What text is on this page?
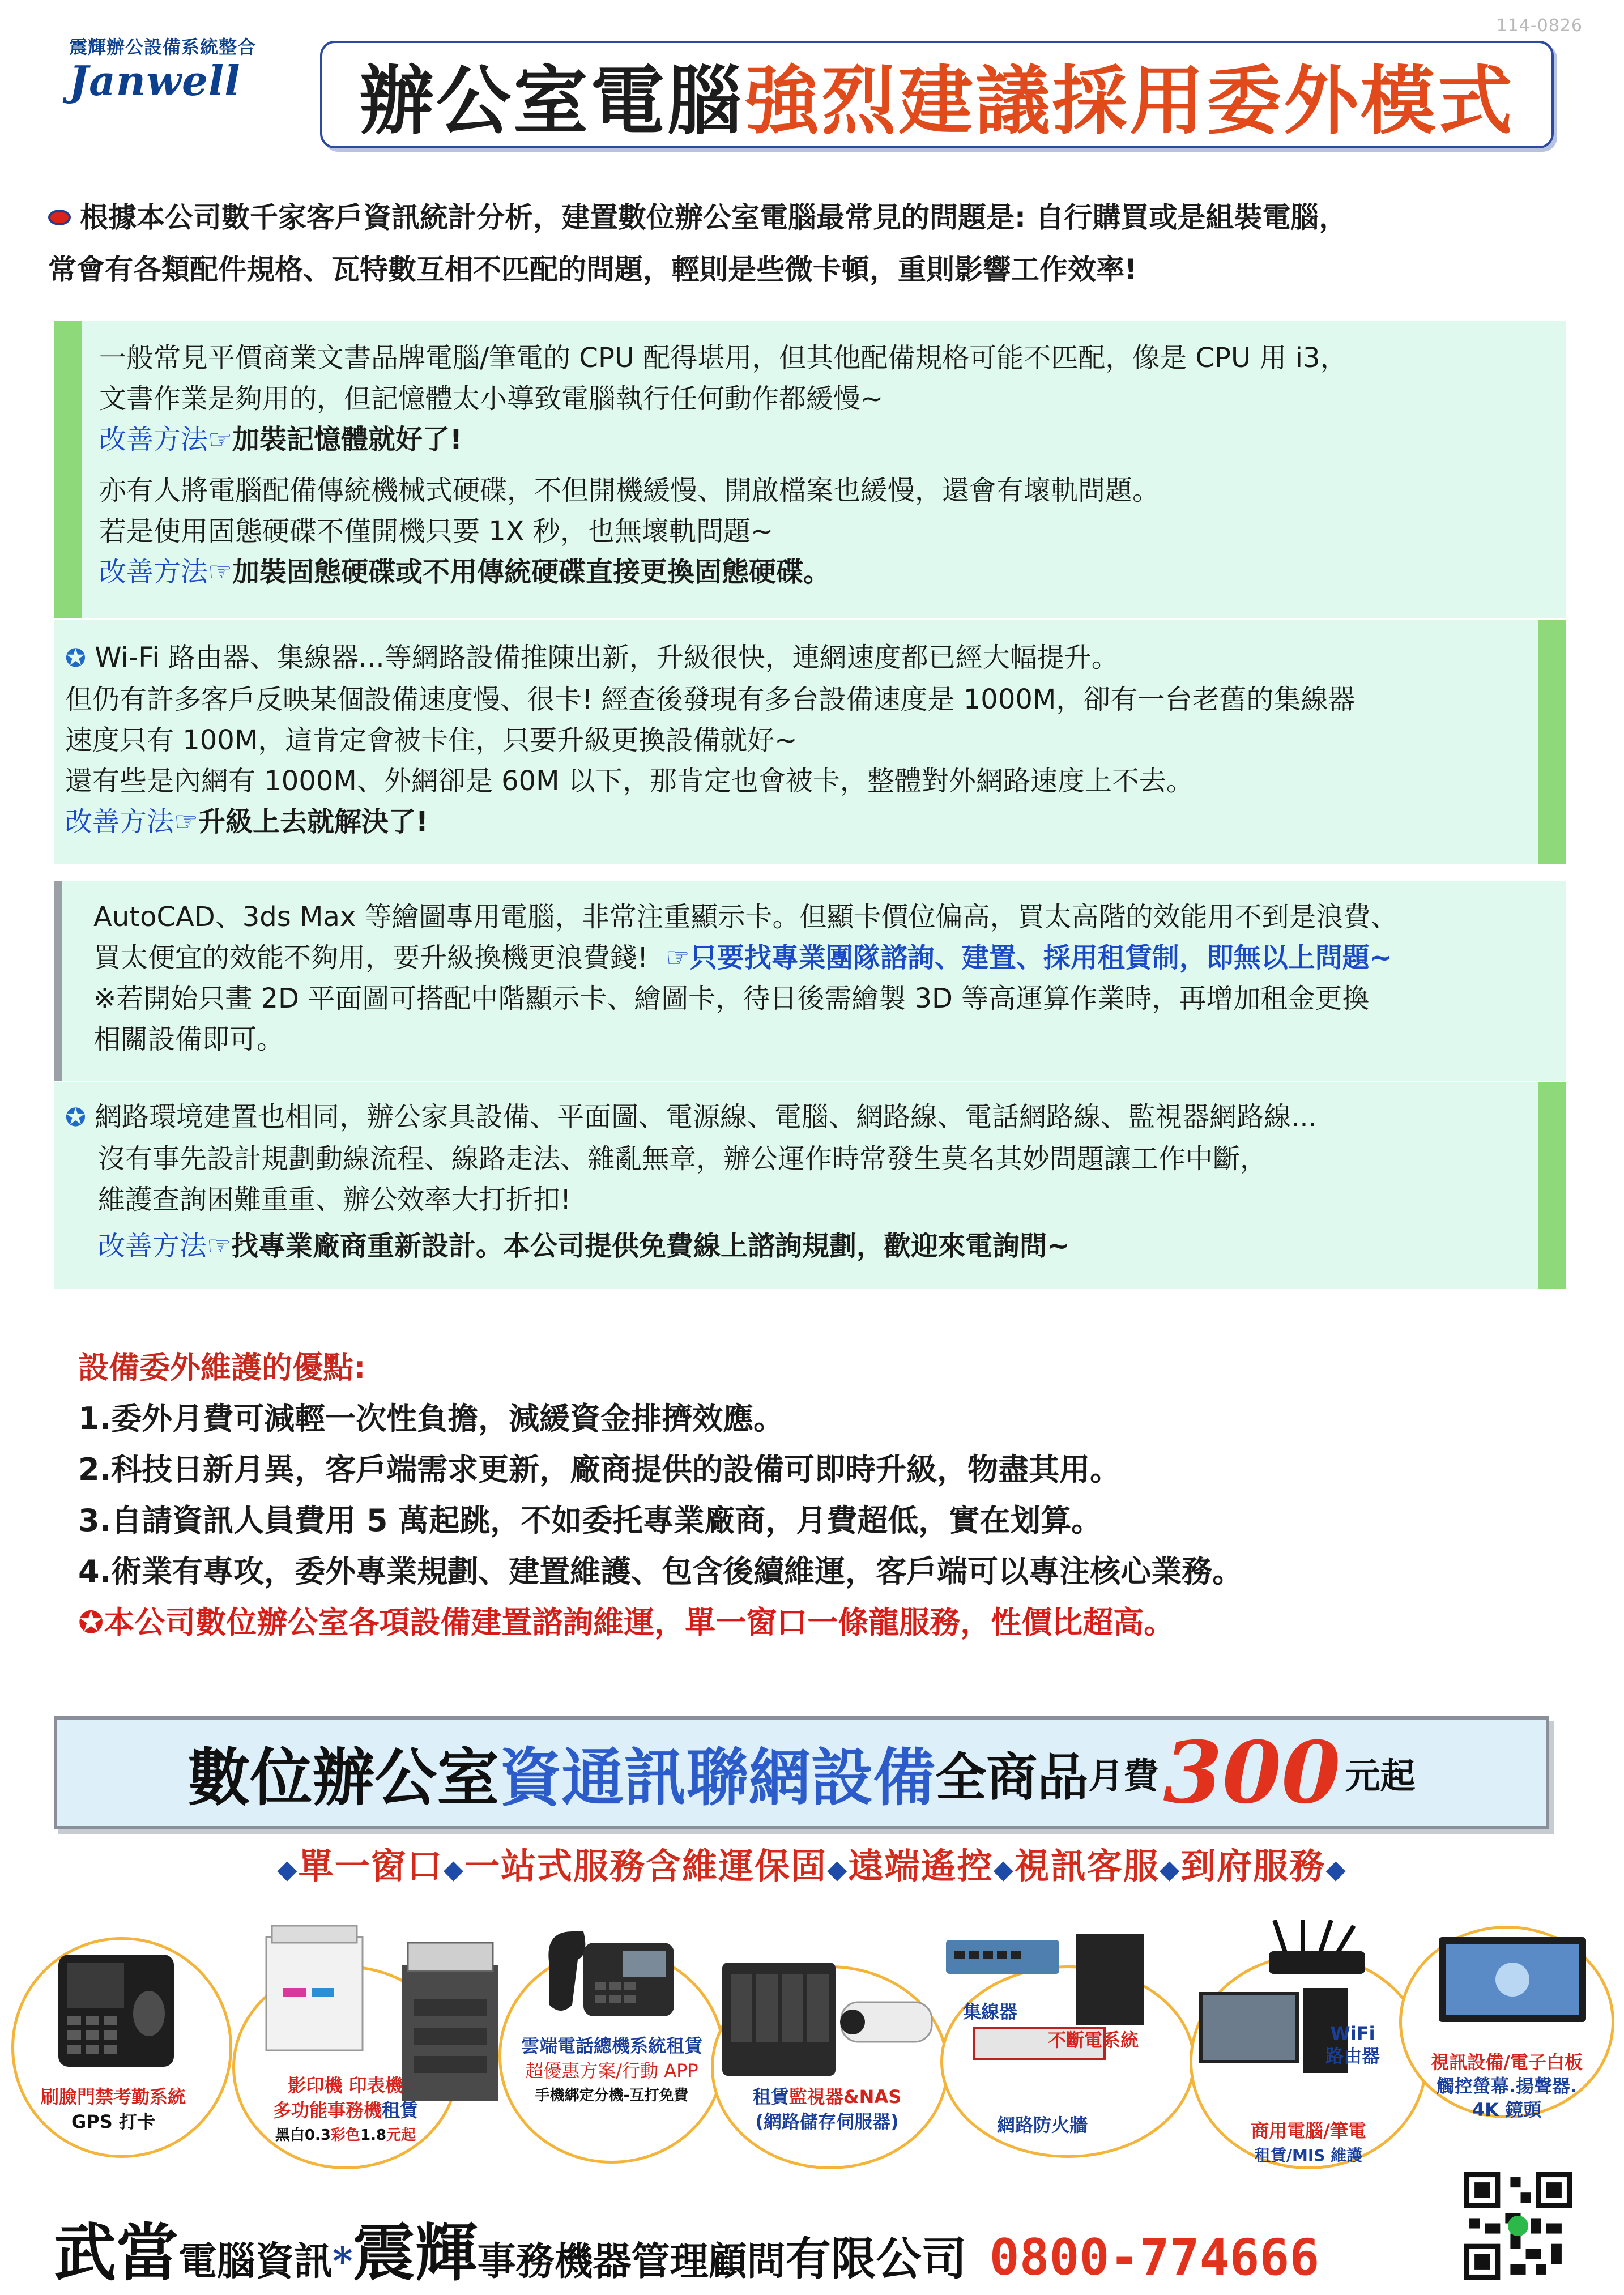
114-0826
震輝辦公設備系統整合
Janwell 辦公室電腦 強烈建議採用委外模式
根據本公司數千家客戶資訊統計分析，建置數位辦公室電腦最常見的問題是: 自行購買或是組裝電腦，
常會有各類配件規格、瓦特數互相不匹配的問題，輕則是些微卡頓，重則影響工作效率!

一般常見平價商業文書品牌電腦/筆電的 CPU 配得堪用，但其他配備規格可能不匹配，像是 CPU 用 i3，

文書作業是夠用的，但記憶體太小導致電腦執行任何動作都緩慢~

改善方法☞加裝記憶體就好了!

亦有人將電腦配備傳統機械式硬碟，不但開機緩慢、開啟檔案也緩慢，還會有壞軌問題。

若是使用固態硬碟不僅開機只要 1X 秒，也無壞軌問題~

改善方法☞加裝固態硬碟或不用傳統硬碟直接更換固態硬碟。

✪ Wi-Fi 路由器、集線器...等網路設備推陳出新，升級很快，連網速度都已經大幅提升。

但仍有許多客戶反映某個設備速度慢、很卡! 經查後發現有多台設備速度是 1000M，卻有一台老舊的集線器

速度只有 100M，這肯定會被卡住，只要升級更換設備就好~

還有些是內網有 1000M、外網卻是 60M 以下，那肯定也會被卡，整體對外網路速度上不去。

改善方法☞升級上去就解決了!

AutoCAD、3ds Max 等繪圖專用電腦，非常注重顯示卡。但顯卡價位偏高，買太高階的效能用不到是浪費、

買太便宜的效能不夠用，要升級換機更浪費錢! ☞只要找專業團隊諮詢、建置、採用租賃制，即無以上問題~

※若開始只畫 2D 平面圖可搭配中階顯示卡、繪圖卡，待日後需繪製 3D 等高運算作業時，再增加租金更換

相關設備即可。

✪ 網路環境建置也相同，辦公家具設備、平面圖、電源線、電腦、網路線、電話網路線、監視器網路線...

沒有事先設計規劃動線流程、線路走法、雜亂無章，辦公運作時常發生莫名其妙問題讓工作中斷，

維護查詢困難重重、辦公效率大打折扣!

改善方法☞找專業廠商重新設計。本公司提供免費線上諮詢規劃，歡迎來電詢問~

設備委外維護的優點:
1.委外月費可減輕一次性負擔，減緩資金排擠效應。
2.科技日新月異，客戶端需求更新，廠商提供的設備可即時升級，物盡其用。
3.自請資訊人員費用 5 萬起跳，不如委托專業廠商，月費超低，實在划算。
4.術業有專攻，委外專業規劃、建置維護、包含後續維運，客戶端可以專注核心業務。
✪本公司數位辦公室各項設備建置諮詢維運，單一窗口一條龍服務，性價比超高。
數位辦公室 資通訊聯網設備 全商品 月費 300 元起
◆單一窗口◆一站式服務含維運保固◆遠端遙控◆視訊客服◆到府服務◆
刷臉門禁考勤系統
GPS 打卡
影印機 印表機
多功能事務機租賃
黑白0.3彩色1.8元起
雲端電話總機系統租賃
超優惠方案/行動 APP
手機綁定分機-互打免費	租賃監視器&NAS
(網路儲存伺服器)
集線器
不斷電系統
網路防火牆
WiFi
路由器
商用電腦/筆電
租賃/MIS 維護
視訊設備/電子白板
觸控螢幕.揚聲器.
4K 鏡頭
武當電腦資訊*震輝事務機器管理顧問有限公司 0800-774666
